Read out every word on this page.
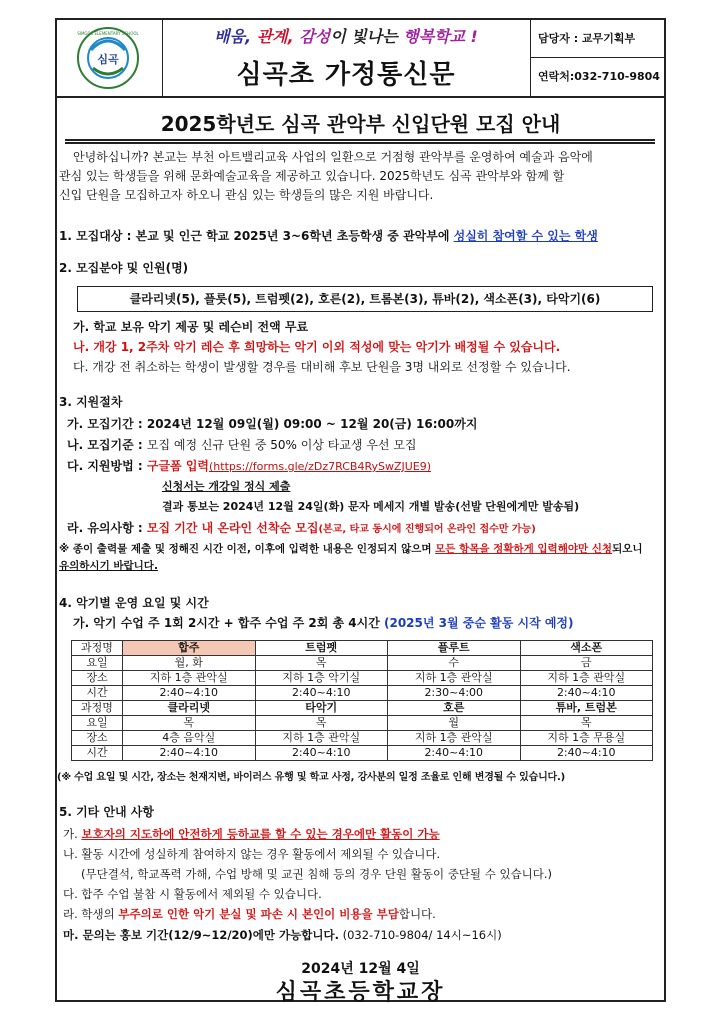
심곡
SIMGOK ELEMENTARY SCHOOL	배움, 관계, 감성이 빛나는 행복학교 !
심곡초 가정통신문
담당자 : 교무기획부
연락처:032-710-9804
2025학년도 심곡 관악부 신입단원 모집 안내
안녕하십니까? 본교는 부천 아트밸리교육 사업의 일환으로 거점형 관악부를 운영하여 예술과 음악에
관심 있는 학생들을 위해 문화예술교육을 제공하고 있습니다. 2025학년도 심곡 관악부와 함께 할
신입 단원을 모집하고자 하오니 관심 있는 학생들의 많은 지원 바랍니다.
1. 모집대상 : 본교 및 인근 학교 2025년 3~6학년 초등학생 중 관악부에 성실히 참여할 수 있는 학생
2. 모집분야 및 인원(명)
클라리넷(5), 플룻(5), 트럼펫(2), 호른(2), 트롬본(3), 튜바(2), 색소폰(3), 타악기(6)
가. 학교 보유 악기 제공 및 레슨비 전액 무료
나. 개강 1, 2주차 악기 레슨 후 희망하는 악기 이외 적성에 맞는 악기가 배정될 수 있습니다.
다. 개강 전 취소하는 학생이 발생할 경우를 대비해 후보 단원을 3명 내외로 선정할 수 있습니다.
3. 지원절차
가. 모집기간 : 2024년 12월 09일(월) 09:00 ~ 12월 20(금) 16:00까지
나. 모집기준 : 모집 예정 신규 단원 중 50% 이상 타교생 우선 모집
다. 지원방법 : 구글폼 입력(https://forms.gle/zDz7RCB4RySwZJUE9)
신청서는 개강일 정식 제출
결과 통보는 2024년 12월 24일(화) 문자 메세지 개별 발송(선발 단원에게만 발송됨)
라. 유의사항 : 모집 기간 내 온라인 선착순 모집(본교, 타교 동시에 진행되어 온라인 접수만 가능)
※ 종이 출력물 제출 및 정해진 시간 이전, 이후에 입력한 내용은 인정되지 않으며 모든 항목을 정확하게 입력해야만 신청되오니
유의하시기 바랍니다.
4. 악기별 운영 요일 및 시간
가. 악기 수업 주 1회 2시간 + 합주 수업 주 2회 총 4시간 (2025년 3월 중순 활동 시작 예정)
과정명	합주	트럼펫	플루트	색소폰
요일	월, 화	목	수	금
장소	지하 1층 관악실	지하 1층 악기실	지하 1층 관악실	지하 1층 관악실
시간	2:40~4:10	2:40~4:10	2:30~4:00	2:40~4:10
과정명	클라리넷	타악기	호른	튜바, 트럼본
요일	목	목	월	목
장소	4층 음악실	지하 1층 관악실	지하 1층 관악실	지하 1층 무용실
시간	2:40~4:10	2:40~4:10	2:40~4:10	2:40~4:10
(※ 수업 요일 및 시간, 장소는 천재지변, 바이러스 유행 및 학교 사정, 강사분의 일정 조율로 인해 변경될 수 있습니다.)
5. 기타 안내 사항
가. 보호자의 지도하에 안전하게 등하교를 할 수 있는 경우에만 활동이 가능
나. 활동 시간에 성실하게 참여하지 않는 경우 활동에서 제외될 수 있습니다.
(무단결석, 학교폭력 가해, 수업 방해 및 교권 침해 등의 경우 단원 활동이 중단될 수 있습니다.)
다. 합주 수업 불참 시 활동에서 제외될 수 있습니다.
라. 학생의 부주의로 인한 악기 분실 및 파손 시 본인이 비용을 부담합니다.
마. 문의는 홍보 기간(12/9~12/20)에만 가능합니다. (032-710-9804/ 14시~16시)
2024년 12월 4일
심곡초등학교장
